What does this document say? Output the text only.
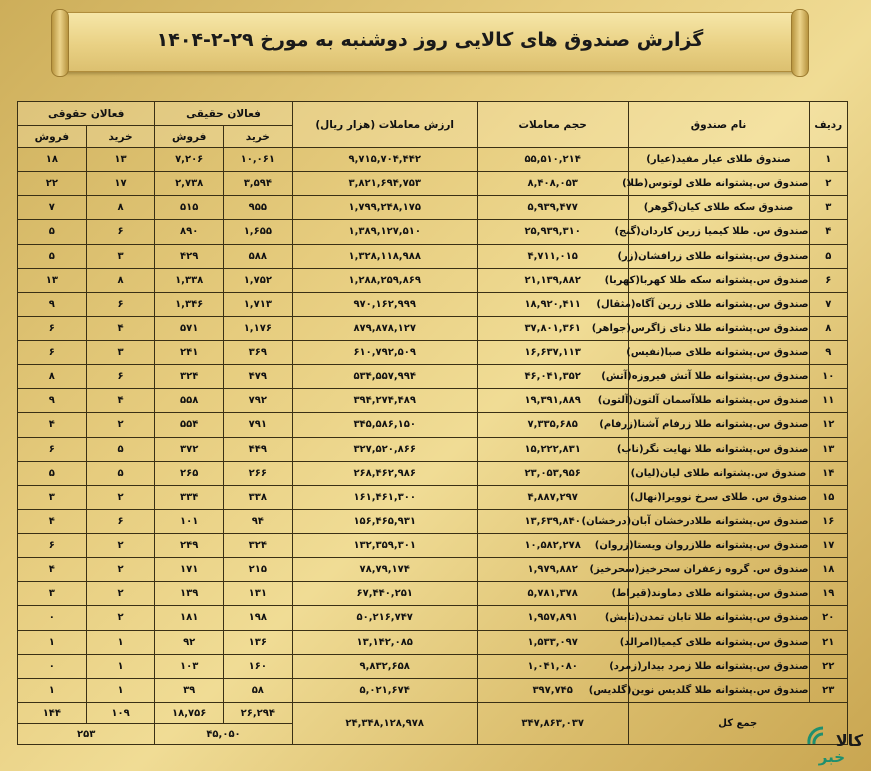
گزارش صندوق های کالایی روز دوشنبه به مورخ ۲۹-۲-۱۴۰۴
ردیف	نام صندوق	حجم معاملات	ارزش معاملات (هزار ریال)	فعالان حقیقی		فعالان حقوقی	
				خرید	فروش	خرید	فروش
۱	صندوق طلای عیار مفید(عیار)	۵۵,۵۱۰,۲۱۴	۹,۷۱۵,۷۰۴,۴۴۲	۱۰,۰۶۱	۷,۲۰۶	۱۳	۱۸
۲	صندوق س.پشتوانه طلای لوتوس(طلا)	۸,۴۰۸,۰۵۳	۳,۸۲۱,۶۹۴,۷۵۳	۳,۵۹۴	۲,۷۳۸	۱۷	۲۲
۳	صندوق سکه طلای کیان(گوهر)	۵,۹۳۹,۴۷۷	۱,۷۹۹,۲۴۸,۱۷۵	۹۵۵	۵۱۵	۸	۷
۴	صندوق س. طلا کیمیا زرین کاردان(گنج)	۲۵,۹۳۹,۳۱۰	۱,۳۸۹,۱۲۷,۵۱۰	۱,۶۵۵	۸۹۰	۶	۵
۵	صندوق س.پشتوانه طلای زرافشان(زر)	۴,۷۱۱,۰۱۵	۱,۳۲۸,۱۱۸,۹۸۸	۵۸۸	۴۲۹	۳	۵
۶	صندوق س.پشتوانه سکه طلا کهربا(کهربا)	۲۱,۱۳۹,۸۸۲	۱,۲۸۸,۲۵۹,۸۶۹	۱,۷۵۲	۱,۳۳۸	۸	۱۳
۷	صندوق س.پشتوانه طلای زرین آگاه(مثقال)	۱۸,۹۲۰,۴۱۱	۹۷۰,۱۶۲,۹۹۹	۱,۷۱۳	۱,۳۴۶	۶	۹
۸	صندوق س.پشتوانه طلا دنای زاگرس(جواهر)	۳۷,۸۰۱,۳۶۱	۸۷۹,۸۷۸,۱۲۷	۱,۱۷۶	۵۷۱	۴	۶
۹	صندوق س.پشتوانه طلای صبا(نفیس)	۱۶,۶۳۷,۱۱۳	۶۱۰,۷۹۲,۵۰۹	۳۶۹	۲۴۱	۳	۶
۱۰	صندوق س.پشتوانه طلا آتش فیروزه(آتش)	۴۶,۰۴۱,۳۵۲	۵۳۴,۵۵۷,۹۹۴	۴۷۹	۳۲۴	۶	۸
۱۱	صندوق س.پشتوانه طلاآسمان آلتون(آلتون)	۱۹,۳۹۱,۸۸۹	۳۹۴,۲۷۴,۴۸۹	۷۹۲	۵۵۸	۴	۹
۱۲	صندوق س.پشتوانه طلا زرفام آشنا(زرفام)	۷,۳۳۵,۶۸۵	۳۴۵,۵۸۶,۱۵۰	۷۹۱	۵۵۴	۲	۴
۱۳	صندوق س.پشتوانه طلا نهایت نگر(ناب)	۱۵,۲۲۲,۸۳۱	۳۲۷,۵۲۰,۸۶۶	۴۴۹	۳۷۲	۵	۶
۱۴	صندوق س.پشتوانه طلای لیان(لیان)	۲۳,۰۵۳,۹۵۶	۲۶۸,۴۶۲,۹۸۶	۲۶۶	۲۶۵	۵	۵
۱۵	صندوق س. طلای سرخ نوویرا(نهال)	۴,۸۸۷,۲۹۷	۱۶۱,۴۶۱,۳۰۰	۳۳۸	۳۳۴	۲	۳
۱۶	صندوق س.پشتوانه طلادرخشان آبان(درخشان)	۱۳,۶۳۹,۸۴۰	۱۵۶,۴۶۵,۹۳۱	۹۴	۱۰۱	۶	۴
۱۷	صندوق س.پشتوانه طلازروان ویستا(زروان)	۱۰,۵۸۲,۲۷۸	۱۳۲,۳۵۹,۳۰۱	۳۲۴	۲۴۹	۲	۶
۱۸	صندوق س. گروه زعفران سحرخیز(سحرخیز)	۱,۹۷۹,۸۸۲	۷۸,۷۹,۱۷۴	۲۱۵	۱۷۱	۲	۴
۱۹	صندوق س.پشتوانه طلای دماوند(قیراط)	۵,۷۸۱,۳۷۸	۶۷,۴۴۰,۲۵۱	۱۳۱	۱۳۹	۲	۳
۲۰	صندوق س.پشتوانه طلا تابان تمدن(تابش)	۱,۹۵۷,۸۹۱	۵۰,۲۱۶,۷۴۷	۱۹۸	۱۸۱	۲	۰
۲۱	صندوق س.پشتوانه طلای کیمیا(امرالد)	۱,۵۳۳,۰۹۷	۱۳,۱۴۲,۰۸۵	۱۳۶	۹۲	۱	۱
۲۲	صندوق س.پشتوانه طلا زمرد بیدار(زمرد)	۱,۰۴۱,۰۸۰	۹,۸۳۲,۶۵۸	۱۶۰	۱۰۳	۱	۰
۲۳	صندوق س.پشتوانه طلا گلدیس نوین(گلدیس)	۳۹۷,۷۴۵	۵,۰۲۱,۶۷۴	۵۸	۳۹	۱	۱
جمع کل		۳۴۷,۸۶۳,۰۳۷	۲۴,۳۴۸,۱۲۸,۹۷۸	۲۶,۲۹۴	۱۸,۷۵۶	۱۰۹	۱۴۴
				۴۵,۰۵۰		۲۵۳		کالا
خبر
